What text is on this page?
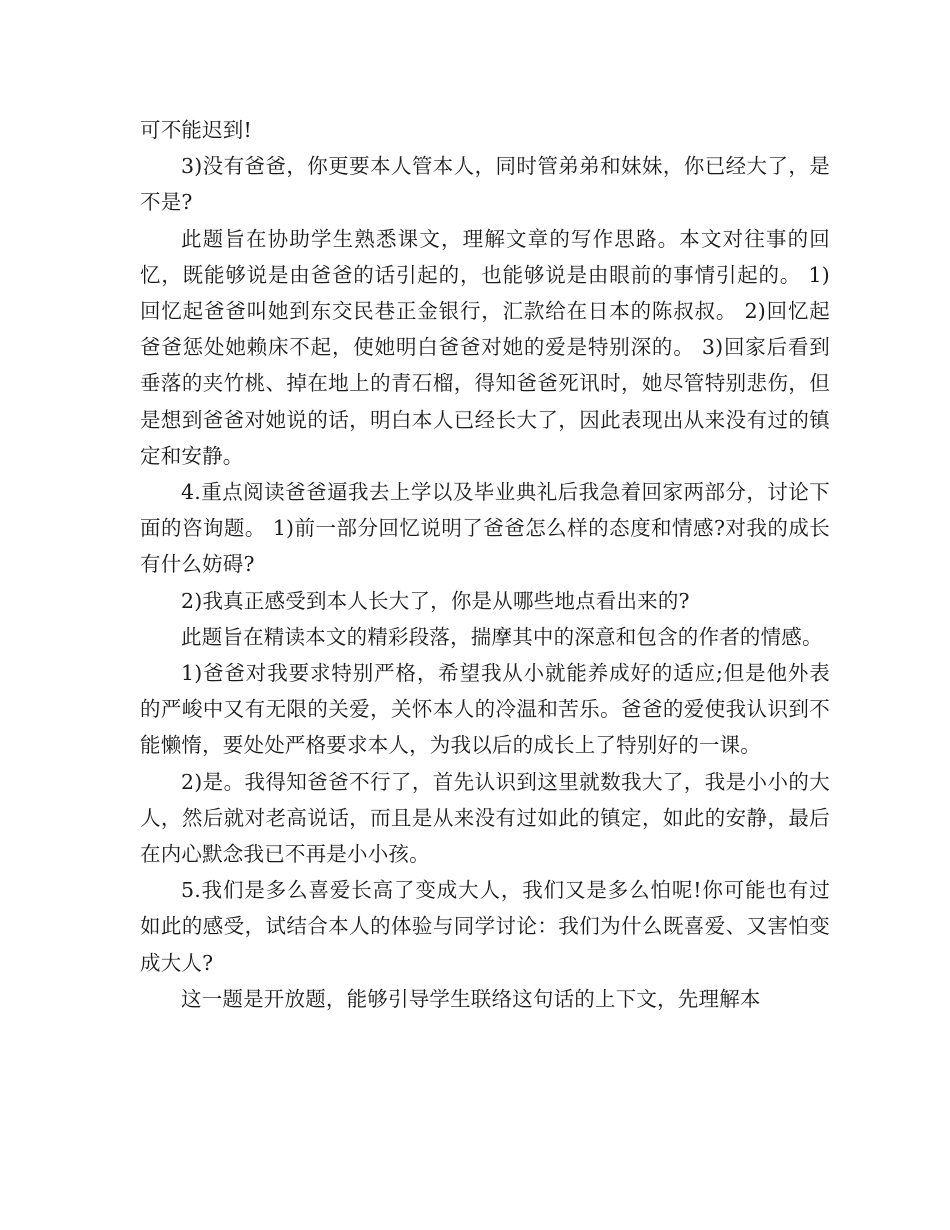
可不能迟到!

3)没有爸爸，你更要本人管本人，同时管弟弟和妹妹，你已经大了，是不是?

此题旨在协助学生熟悉课文，理解文章的写作思路。本文对往事的回忆，既能够说是由爸爸的话引起的，也能够说是由眼前的事情引起的。 1)回忆起爸爸叫她到东交民巷正金银行，汇款给在日本的陈叔叔。 2)回忆起爸爸惩处她赖床不起，使她明白爸爸对她的爱是特别深的。 3)回家后看到垂落的夹竹桃、掉在地上的青石榴，得知爸爸死讯时，她尽管特别悲伤，但是想到爸爸对她说的话，明白本人已经长大了，因此表现出从来没有过的镇定和安静。

4.重点阅读爸爸逼我去上学以及毕业典礼后我急着回家两部分，讨论下面的咨询题。 1)前一部分回忆说明了爸爸怎么样的态度和情感?对我的成长有什么妨碍?

2)我真正感受到本人长大了，你是从哪些地点看出来的?

此题旨在精读本文的精彩段落，揣摩其中的深意和包含的作者的情感。

1)爸爸对我要求特别严格，希望我从小就能养成好的适应;但是他外表的严峻中又有无限的关爱，关怀本人的冷温和苦乐。爸爸的爱使我认识到不能懒惰，要处处严格要求本人，为我以后的成长上了特别好的一课。

2)是。我得知爸爸不行了，首先认识到这里就数我大了，我是小小的大人，然后就对老高说话，而且是从来没有过如此的镇定，如此的安静，最后在内心默念我已不再是小小孩。

5.我们是多么喜爱长高了变成大人，我们又是多么怕呢!你可能也有过如此的感受，试结合本人的体验与同学讨论：我们为什么既喜爱、又害怕变成大人?

这一题是开放题，能够引导学生联络这句话的上下文，先理解本
